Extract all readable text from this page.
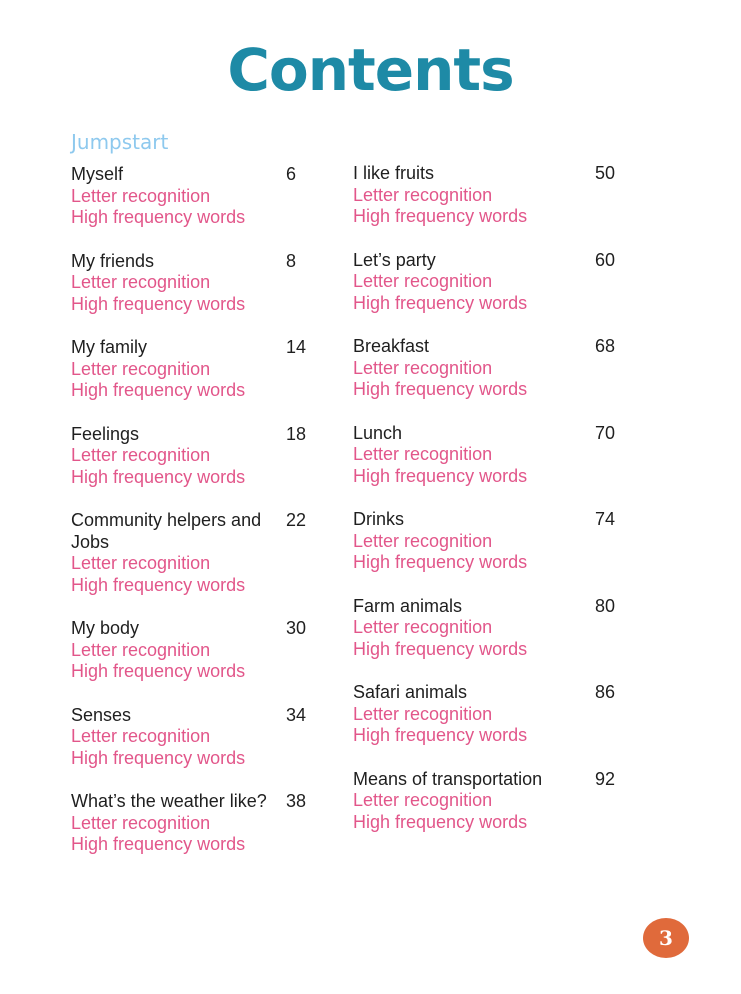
Contents
Jumpstart
Myself	6
Letter recognition
High frequency words
My friends	8
Letter recognition
High frequency words
My family	14
Letter recognition
High frequency words
Feelings	18
Letter recognition
High frequency words
Community helpers and Jobs
22
Letter recognition
High frequency words
My body	30
Letter recognition
High frequency words
Senses	34
Letter recognition
High frequency words
What’s the weather like? 38
Letter recognition
High frequency words
I like fruits	50
Letter recognition
High frequency words
Let’s party	60
Letter recognition
High frequency words
Breakfast	68
Letter recognition
High frequency words
Lunch	70
Letter recognition
High frequency words
Drinks	74
Letter recognition
High frequency words
Farm animals	80
Letter recognition
High frequency words
Safari animals	86
Letter recognition
High frequency words
Means of transportation	92
Letter recognition
High frequency words
3
